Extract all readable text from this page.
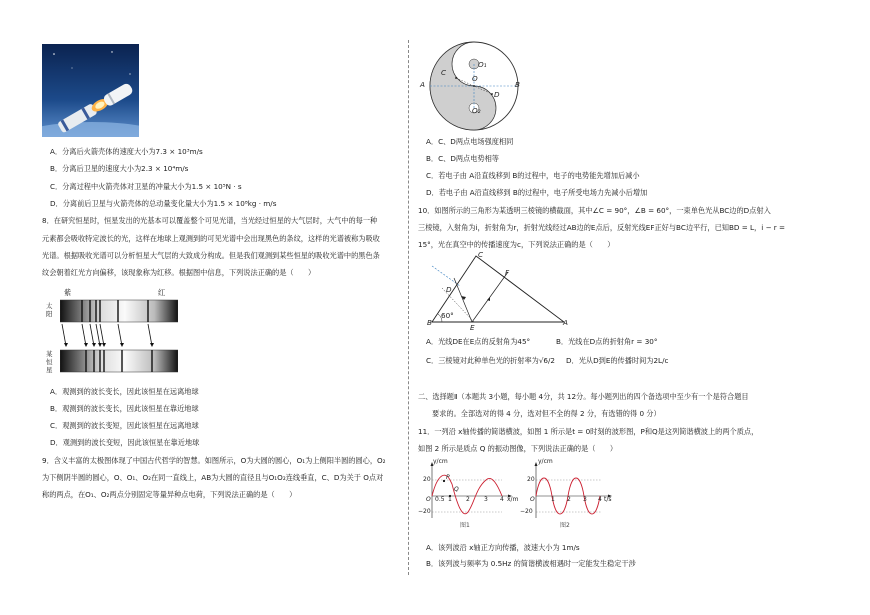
A．分离后火箭壳体的速度大小为7.3 × 10³m/s
B．分离后卫星的速度大小为2.3 × 10⁴m/s
C．分离过程中火箭壳体对卫星的冲量大小为1.5 × 10⁵N · s
D．分离前后卫星与火箭壳体的总动量变化量大小为1.5 × 10⁸kg · m/s
8．在研究恒星时，恒星发出的光基本可以覆盖整个可见光谱，当光经过恒星的大气层时，大气中的每一种
元素都会吸收特定波长的光，这样在地球上观测到的可见光谱中会出现黑色的条纹，这样的光谱被称为吸收
光谱。根据吸收光谱可以分析恒星大气层的大致成分构成。但是我们观测到某些恒星的吸收光谱中的黑色条
纹会朝着红光方向偏移，该现象称为红移。根据图中信息，下列说法正确的是（　　）
紫	红
太阳
某恒星
A．观测到的波长变长，因此该恒星在远离地球
B．观测到的波长变长，因此该恒星在靠近地球
C．观测到的波长变短，因此该恒星在远离地球
D．观测到的波长变短，因此该恒星在靠近地球
9．含义丰富的太极图体现了中国古代哲学的智慧。如图所示，O为大圆的圆心，O₁为上侧阳半圆的圆心，O₂
为下侧阴半圆的圆心，O、O₁、O₂在同一直线上，AB为大圆的直径且与O₁O₂连线垂直，C、D为关于 O点对
称的两点，在O₁、O₂两点分别固定等量异种点电荷，下列说法正确的是（　　）
A	B
C
D
O
O₁
O₂
A．C、D两点电场强度相同
B．C、D两点电势相等
C．若电子由 A沿直线移到 B的过程中，电子的电势能先增加后减小
D．若电子由 A沿直线移到 B的过程中，电子所受电场力先减小后增加
10．如图所示的三角形为某透明三棱镜的横截面，其中∠C = 90°，∠B = 60°，一束单色光从BC边的D点射入
三棱镜，入射角为i，折射角为r，折射光线经过AB边的E点后，反射光线EF正好与BC边平行，已知BD = L，i − r =
15°，光在真空中的传播速度为c，下列说法正确的是（　　）
A
B
C
D
E
F
60°
A．光线DE在E点的反射角为45°	B．光线在D点的折射角r = 30°
C．三棱镜对此种单色光的折射率为√6/2 D．光从D到E的传播时间为2L/c
二、选择题Ⅱ（本题共 3小题，每小题 4分，共 12分。每小题列出的四个备选项中至少有一个是符合题目
要求的。全部选对的得 4 分，选对但不全的得 2 分，有选错的得 0 分）
11．一列沿 x轴传播的简谐横波，如图 1 所示是t = 0时刻的波形图，P和Q是这列简谐横波上的两个质点，
如图 2 所示是质点 Q 的振动图像，下列说法正确的是（　　）
y/cm
20
−20
O
P
Q
0.5 1 2 3 4 x/m
图1
y/cm
20
−20
O	1 2 3 4 t/s
图2
A．该列波沿 x轴正方向传播，波速大小为 1m/s
B．该列波与频率为 0.5Hz 的简谐横波相遇时一定能发生稳定干涉
